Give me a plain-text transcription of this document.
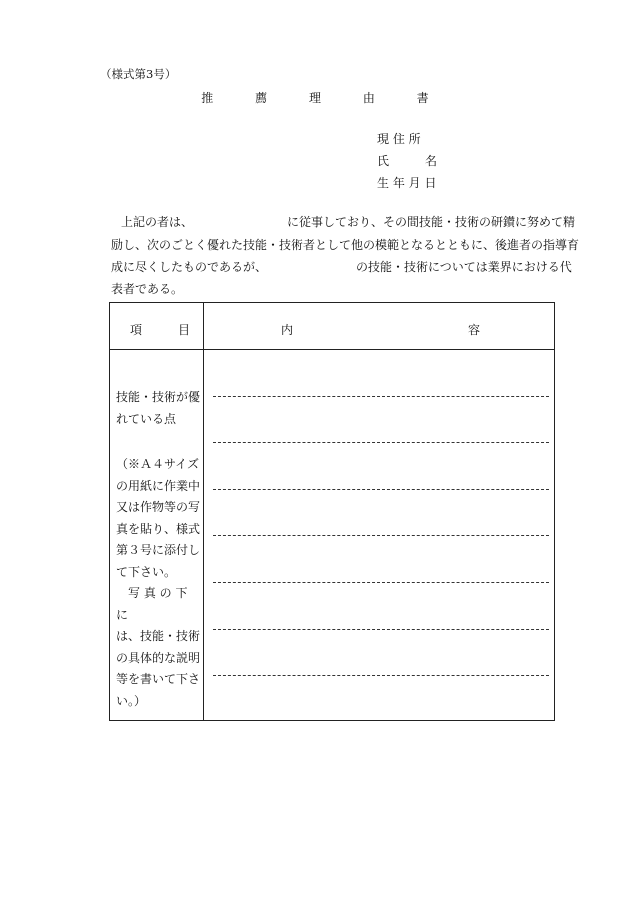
（様式第3号）
推	薦	理	由	書
現 住 所
氏　　　名
生 年 月 日
上記の者は、	に従事しており、その間技能・技術の研鑚に努めて精
励し、次のごとく優れた技能・技術者として他の模範となるとともに、後進者の指導育
成に尽くしたものであるが、	の技能・技術については業界における代
表者である。
項　　　目	内	容
技能・技術が優
れている点
（※Ａ４サイズ
の用紙に作業中
又は作物等の写
真を貼り、様式
第３号に添付し
て下さい。
　写 真 の 下 に
は、技能・技術
の具体的な説明
等を書いて下さ
い。）
